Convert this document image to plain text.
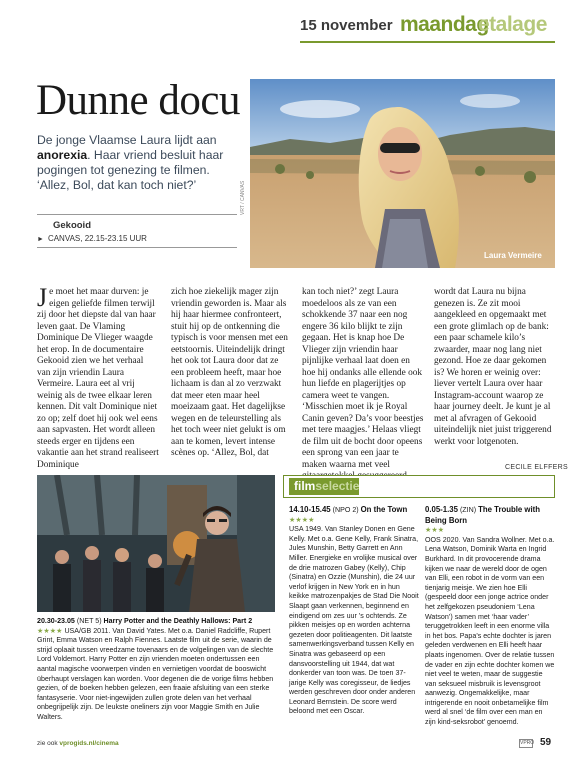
15 november maandag
etalage
Dunne docu
De jonge Vlaamse Laura lijdt aan anorexia. Haar vriend besluit haar pogingen tot genezing te filmen. ‘Allez, Bol, dat kan toch niet?’
Gekooid
► CANVAS, 22.15-23.15 UUR
VRT / CANVAS
Laura Vermeire
Je moet het maar durven: je eigen geliefde filmen terwijl zij door het diepste dal van haar leven gaat. De Vlaming Dominique De Vlieger waagde het erop. In de documentaire Gekooid zien we het verhaal van zijn vriendin Laura Vermeire. Laura eet al vrij weinig als de twee elkaar leren kennen. Dit valt Dominique niet zo op; zelf doet hij ook wel eens aan sapvasten. Het wordt alleen steeds erger en tijdens een vakantie aan het strand realiseert Dominique
zich hoe ziekelijk mager zijn vriendin geworden is. Maar als hij haar hiermee confronteert, stuit hij op de ontkenning die typisch is voor mensen met een eetstoornis. Uiteindelijk dringt het ook tot Laura door dat ze een probleem heeft, maar hoe lichaam is dan al zo verzwakt dat meer eten maar heel moeizaam gaat. Het dagelijkse wegen en de teleurstelling als het toch weer niet gelukt is om aan te komen, levert intense scènes op. ‘Allez, Bol, dat
kan toch niet?’ zegt Laura moedeloos als ze van een schokkende 37 naar een nog engere 36 kilo blijkt te zijn gegaan. Het is knap hoe De Vlieger zijn vriendin haar pijnlijke verhaal laat doen en hoe hij ondanks alle ellende ook hun liefde en plagerijtjes op camera weet te vangen. ‘Misschien moet ik je Royal Canin geven? Da’s voor beestjes met tere maagjes.’ Helaas vliegt de film uit de bocht door opeens een sprong van een jaar te maken waarna met veel
wordt dat Laura nu bijna genezen is. Ze zit mooi aangekleed en opgemaakt met een grote glimlach op de bank: een paar schamele kilo’s zwaarder, maar nog lang niet gezond. Hoe ze daar gekomen is? We horen er weinig over: liever vertelt Laura over haar Instagram-account waarop ze haar journey deelt. Je kunt je al met al afvragen of Gekooid uiteindelijk niet juist triggerend werkt voor lotgenoten.
CECILE ELFFERS
20.30-23.05 (NET 5) Harry Potter and the Deathly Hallows: Part 2 ★★★★ USA/GB 2011. Van David Yates. Met o.a. Daniel Radcliffe, Rupert Grint, Emma Watson en Ralph Fiennes. Laatste film uit de serie, waarin de strijd oplaait tussen vreedzame tovenaars en de volgelingen van de slechte Lord Voldemort. Harry Potter en zijn vrienden moeten ondertussen een aantal magische voorwerpen vinden en vernietigen voordat de booswicht überhaupt verslagen kan worden. Voor degenen die de vorige films hebben gezien, of de boeken hebben gelezen, een fraaie afsluiting van een sterke fantasyserie. Voor niet-ingewijden zullen grote delen van het verhaal onbegrijpelijk zijn. De leukste oneliners zijn voor Maggie Smith en Julie Walters.
filmselectie
14.10-15.45 (NPO 2) On the Town
★★★★
USA 1949. Van Stanley Donen en Gene Kelly. Met o.a. Gene Kelly, Frank Sinatra, Jules Munshin, Betty Garrett en Ann Miller. Energieke en vrolijke musical over de drie matrozen Gabey (Kelly), Chip (Sinatra) en Ozzie (Munshin), die 24 uur verlof krijgen in New York en in hun keikke matrozenpakjes de Stad Die Nooit Slaapt gaan verkennen, beginnend en eindigend om zes uur ’s ochtends. Ze pikken meisjes op en worden achterna gezeten door politieagenten. Dit laatste samenwerkingsverband tussen Kelly en Sinatra was gebaseerd op een dansvoorstelling uit 1944, dat wat donkerder van toon was. De toen 37-jarige Kelly was coregisseur, de liedjes werden geschreven door onder anderen Leonard Bernstein. De score werd beloond met een Oscar.
0.05-1.35 (ZIN) The Trouble with Being Born
★★★
OOS 2020. Van Sandra Wollner. Met o.a. Lena Watson, Dominik Warta en Ingrid Burkhard. In dit provocerende drama kijken we naar de wereld door de ogen van Elli, een robot in de vorm van een tienjarig meisje. We zien hoe Elli (gespeeld door een jonge actrice onder het zelfgekozen pseudoniem ‘Lena Watson’) samen met ‘haar vader’ teruggetrokken leeft in een enorme villa in het bos. Papa’s echte dochter is jaren geleden verdwenen en Elli heeft haar plaats ingenomen. Over de relatie tussen de vader en zijn echte dochter komen we niet veel te weten, maar de suggestie van seksueel misbruik is levensgroot aanwezig. Ongemakkelijke, maar intrigerende en nooit onbetamelijke film werd al snel ‘de film over een man en zijn kind-seksrobot’ genoemd.
zie ook vprogids.nl/cinema	VPRO 59
